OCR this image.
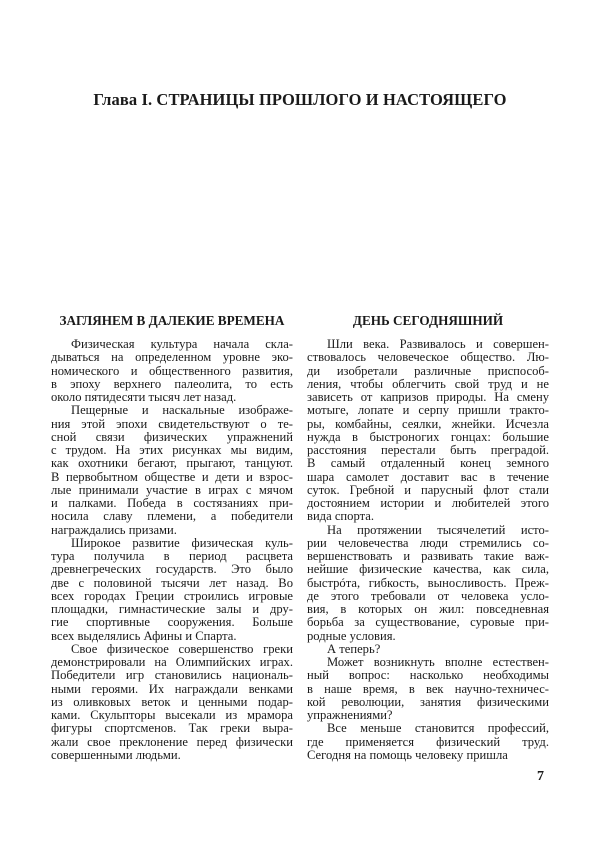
Глава I. СТРАНИЦЫ ПРОШЛОГО И НАСТОЯЩЕГО
ЗАГЛЯНЕМ В ДАЛЕКИЕ ВРЕМЕНА
Физическая культура начала скла-
дываться на определенном уровне эко-
номического и общественного развития,
в эпоху верхнего палеолита, то есть
около пятидесяти тысяч лет назад.
Пещерные и наскальные изображе-
ния этой эпохи свидетельствуют о те-
сной связи физических упражнений
с трудом. На этих рисунках мы видим,
как охотники бегают, прыгают, танцуют.
В первобытном обществе и дети и взрос-
лые принимали участие в играх с мячом
и палками. Победа в состязаниях при-
носила славу племени, а победители
награждались призами.
Широкое развитие физическая куль-
тура получила в период расцвета
древнегреческих государств. Это было
две с половиной тысячи лет назад. Во
всех городах Греции строились игровые
площадки, гимнастические залы и дру-
гие спортивные сооружения. Больше
всех выделялись Афины и Спарта.
Свое физическое совершенство греки
демонстрировали на Олимпийских играх.
Победители игр становились националь-
ными героями. Их награждали венками
из оливковых веток и ценными подар-
ками. Скульпторы высекали из мрамора
фигуры спортсменов. Так греки выра-
жали свое преклонение перед физически
совершенными людьми.
ДЕНЬ СЕГОДНЯШНИЙ
Шли века. Развивалось и совершен-
ствовалось человеческое общество. Лю-
ди изобретали различные приспособ-
ления, чтобы облегчить свой труд и не
зависеть от капризов природы. На смену
мотыге, лопате и серпу пришли тракто-
ры, комбайны, сеялки, жнейки. Исчезла
нужда в быстроногих гонцах: большие
расстояния перестали быть преградой.
В самый отдаленный конец земного
шара самолет доставит вас в течение
суток. Гребной и парусный флот стали
достоянием истории и любителей этого
вида спорта.
На протяжении тысячелетий исто-
рии человечества люди стремились со-
вершенствовать и развивать такие важ-
нейшие физические качества, как сила,
быстрóта, гибкость, выносливость. Преж-
де этого требовали от человека усло-
вия, в которых он жил: повседневная
борьба за существование, суровые при-
родные условия.
А теперь?
Может возникнуть вполне естествен-
ный вопрос: насколько необходимы
в наше время, в век научно-техничес-
кой революции, занятия физическими
упражнениями?
Все меньше становится профессий,
где применяется физический труд.
Сегодня на помощь человеку пришла
7
